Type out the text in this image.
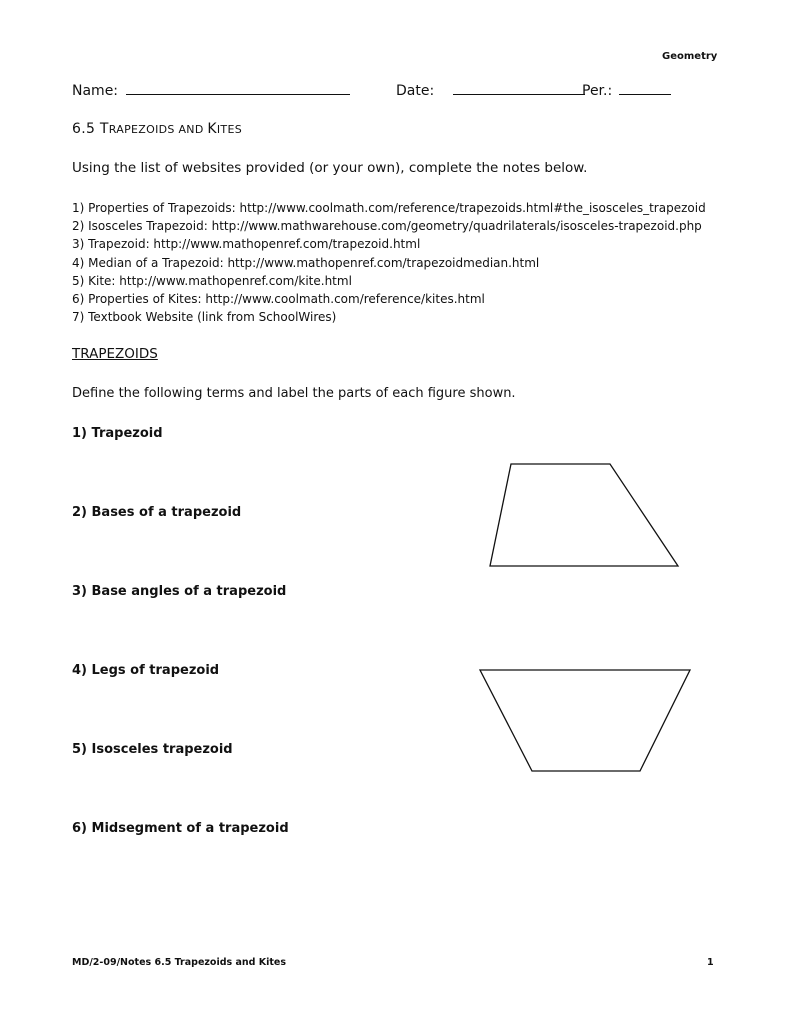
Geometry
Name:	Date:	Per.:
6.5 TRAPEZOIDS AND KITES
Using the list of websites provided (or your own), complete the notes below.
1) Properties of Trapezoids: http://www.coolmath.com/reference/trapezoids.html#the_isosceles_trapezoid
2) Isosceles Trapezoid: http://www.mathwarehouse.com/geometry/quadrilaterals/isosceles-trapezoid.php
3) Trapezoid: http://www.mathopenref.com/trapezoid.html
4) Median of a Trapezoid: http://www.mathopenref.com/trapezoidmedian.html
5) Kite: http://www.mathopenref.com/kite.html
6) Properties of Kites: http://www.coolmath.com/reference/kites.html
7) Textbook Website (link from SchoolWires)
TRAPEZOIDS
Define the following terms and label the parts of each figure shown.
1) Trapezoid
2) Bases of a trapezoid
3) Base angles of a trapezoid
4) Legs of trapezoid
5) Isosceles trapezoid
6) Midsegment of a trapezoid
MD/2-09/Notes 6.5 Trapezoids and Kites	1
